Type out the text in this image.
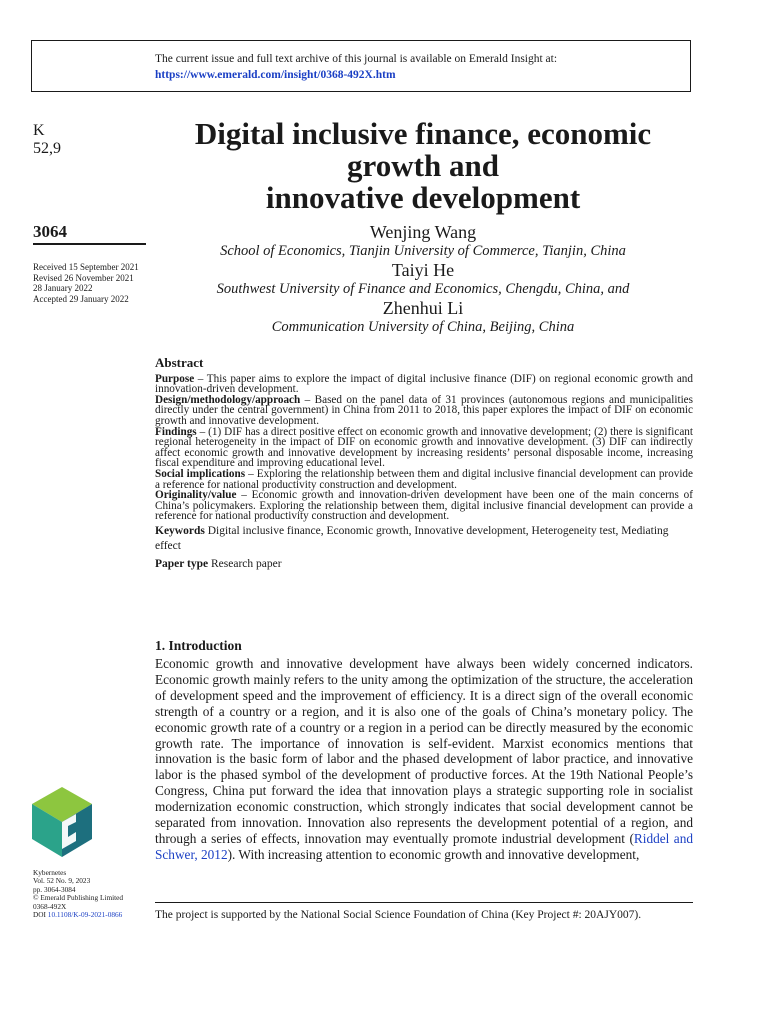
The current issue and full text archive of this journal is available on Emerald Insight at:
https://www.emerald.com/insight/0368-492X.htm
K
52,9
3064
Received 15 September 2021
Revised 26 November 2021
28 January 2022
Accepted 29 January 2022
Digital inclusive finance, economic
growth and
innovative development
Wenjing Wang
School of Economics, Tianjin University of Commerce, Tianjin, China
Taiyi He
Southwest University of Finance and Economics, Chengdu, China, and
Zhenhui Li
Communication University of China, Beijing, China
Abstract

Purpose – This paper aims to explore the impact of digital inclusive finance (DIF) on regional economic growth and innovation-driven development.

Design/methodology/approach – Based on the panel data of 31 provinces (autonomous regions and municipalities directly under the central government) in China from 2011 to 2018, this paper explores the impact of DIF on economic growth and innovative development.

Findings – (1) DIF has a direct positive effect on economic growth and innovative development; (2) there is significant regional heterogeneity in the impact of DIF on economic growth and innovative development. (3) DIF can indirectly affect economic growth and innovative development by increasing residents’ personal disposable income, increasing fiscal expenditure and improving educational level.

Social implications – Exploring the relationship between them and digital inclusive financial development can provide a reference for national productivity construction and development.

Originality/value – Economic growth and innovation-driven development have been one of the main concerns of China’s policymakers. Exploring the relationship between them, digital inclusive financial development can provide a reference for national productivity construction and development.

Keywords Digital inclusive finance, Economic growth, Innovative development, Heterogeneity test, Mediating effect

Paper type Research paper

1. Introduction

Economic growth and innovative development have always been widely concerned indicators. Economic growth mainly refers to the unity among the optimization of the structure, the acceleration of development speed and the improvement of efficiency. It is a direct sign of the overall economic strength of a country or a region, and it is also one of the goals of China’s monetary policy. The economic growth rate of a country or a region in a period can be directly measured by the economic growth rate. The importance of innovation is self-evident. Marxist economics mentions that innovation is the basic form of labor and the phased development of labor practice, and innovative labor is the phased symbol of the development of productive forces. At the 19th National People’s Congress, China put forward the idea that innovation plays a strategic supporting role in socialist modernization economic construction, which strongly indicates that social development cannot be separated from innovation. Innovation also represents the development potential of a region, and through a series of effects, innovation may eventually promote industrial development (Riddel and Schwer, 2012). With increasing attention to economic growth and innovative development,

The project is supported by the National Social Science Foundation of China (Key Project #: 20AJY007).
Kybernetes
Vol. 52 No. 9, 2023
pp. 3064-3084
© Emerald Publishing Limited
0368-492X
DOI 10.1108/K-09-2021-0866
